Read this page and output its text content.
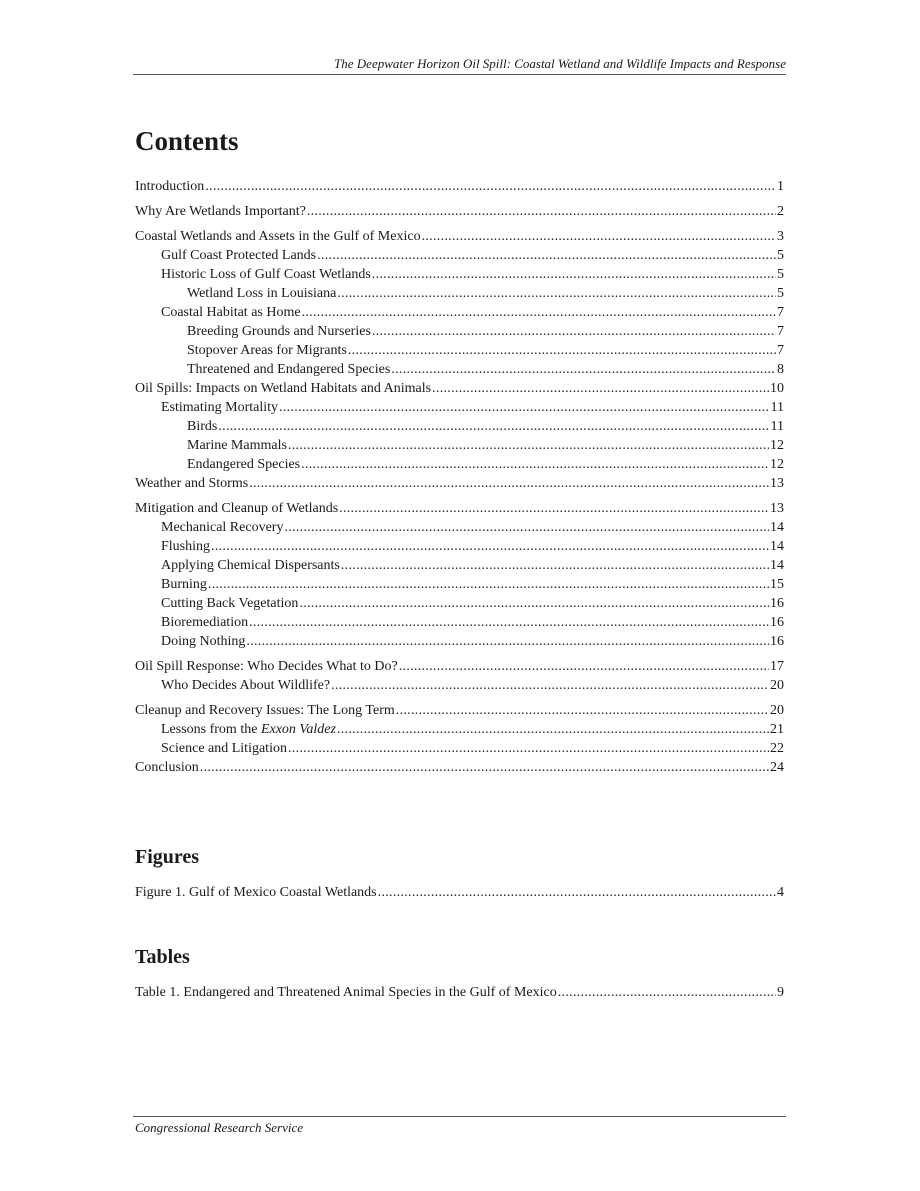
The Deepwater Horizon Oil Spill: Coastal Wetland and Wildlife Impacts and Response
Contents
Introduction . . .	1
Why Are Wetlands Important? . . .	2
Coastal Wetlands and Assets in the Gulf of Mexico . . .	3
Gulf Coast Protected Lands . . .	5
Historic Loss of Gulf Coast Wetlands . . .	5
Wetland Loss in Louisiana . . .	5
Coastal Habitat as Home . . .	7
Breeding Grounds and Nurseries . . .	7
Stopover Areas for Migrants . . .	7
Threatened and Endangered Species . . .	8
Oil Spills: Impacts on Wetland Habitats and Animals . . .	10
Estimating Mortality . . .	11
Birds . . .	11
Marine Mammals . . .	12
Endangered Species . . .	12
Weather and Storms . . .	13
Mitigation and Cleanup of Wetlands . . .	13
Mechanical Recovery . . .	14
Flushing . . .	14
Applying Chemical Dispersants . . .	14
Burning . . .	15
Cutting Back Vegetation . . .	16
Bioremediation . . .	16
Doing Nothing . . .	16
Oil Spill Response: Who Decides What to Do? . . .	17
Who Decides About Wildlife? . . .	20
Cleanup and Recovery Issues: The Long Term . . .	20
Lessons from the Exxon Valdez . . .	21
Science and Litigation . . .	22
Conclusion . . .	24
Figures
Figure 1. Gulf of Mexico Coastal Wetlands . . .	4
Tables
Table 1. Endangered and Threatened Animal Species in the Gulf of Mexico . . .	9
Congressional Research Service
